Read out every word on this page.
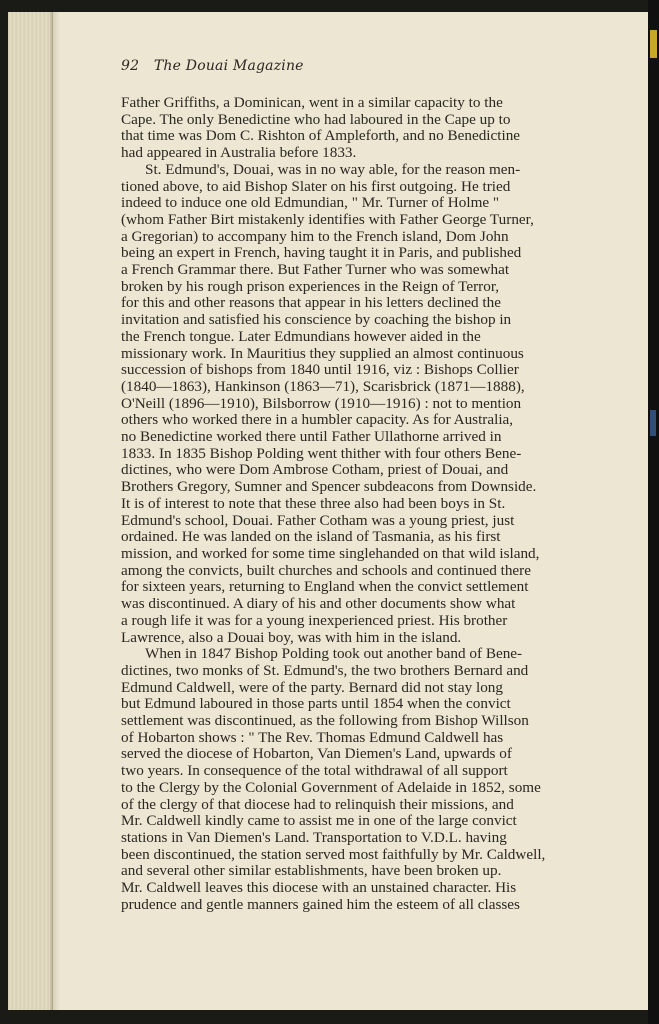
92 The Douai Magazine
Father Griffiths, a Dominican, went in a similar capacity to the
Cape. The only Benedictine who had laboured in the Cape up to
that time was Dom C. Rishton of Ampleforth, and no Benedictine
had appeared in Australia before 1833.
St. Edmund's, Douai, was in no way able, for the reason men-
tioned above, to aid Bishop Slater on his first outgoing. He tried
indeed to induce one old Edmundian, " Mr. Turner of Holme "
(whom Father Birt mistakenly identifies with Father George Turner,
a Gregorian) to accompany him to the French island, Dom John
being an expert in French, having taught it in Paris, and published
a French Grammar there. But Father Turner who was somewhat
broken by his rough prison experiences in the Reign of Terror,
for this and other reasons that appear in his letters declined the
invitation and satisfied his conscience by coaching the bishop in
the French tongue. Later Edmundians however aided in the
missionary work. In Mauritius they supplied an almost continuous
succession of bishops from 1840 until 1916, viz : Bishops Collier
(1840—1863), Hankinson (1863—71), Scarisbrick (1871—1888),
O'Neill (1896—1910), Bilsborrow (1910—1916) : not to mention
others who worked there in a humbler capacity. As for Australia,
no Benedictine worked there until Father Ullathorne arrived in
1833. In 1835 Bishop Polding went thither with four others Bene-
dictines, who were Dom Ambrose Cotham, priest of Douai, and
Brothers Gregory, Sumner and Spencer subdeacons from Downside.
It is of interest to note that these three also had been boys in St.
Edmund's school, Douai. Father Cotham was a young priest, just
ordained. He was landed on the island of Tasmania, as his first
mission, and worked for some time singlehanded on that wild island,
among the convicts, built churches and schools and continued there
for sixteen years, returning to England when the convict settlement
was discontinued. A diary of his and other documents show what
a rough life it was for a young inexperienced priest. His brother
Lawrence, also a Douai boy, was with him in the island.
When in 1847 Bishop Polding took out another band of Bene-
dictines, two monks of St. Edmund's, the two brothers Bernard and
Edmund Caldwell, were of the party. Bernard did not stay long
but Edmund laboured in those parts until 1854 when the convict
settlement was discontinued, as the following from Bishop Willson
of Hobarton shows : " The Rev. Thomas Edmund Caldwell has
served the diocese of Hobarton, Van Diemen's Land, upwards of
two years. In consequence of the total withdrawal of all support
to the Clergy by the Colonial Government of Adelaide in 1852, some
of the clergy of that diocese had to relinquish their missions, and
Mr. Caldwell kindly came to assist me in one of the large convict
stations in Van Diemen's Land. Transportation to V.D.L. having
been discontinued, the station served most faithfully by Mr. Caldwell,
and several other similar establishments, have been broken up.
Mr. Caldwell leaves this diocese with an unstained character. His
prudence and gentle manners gained him the esteem of all classes
